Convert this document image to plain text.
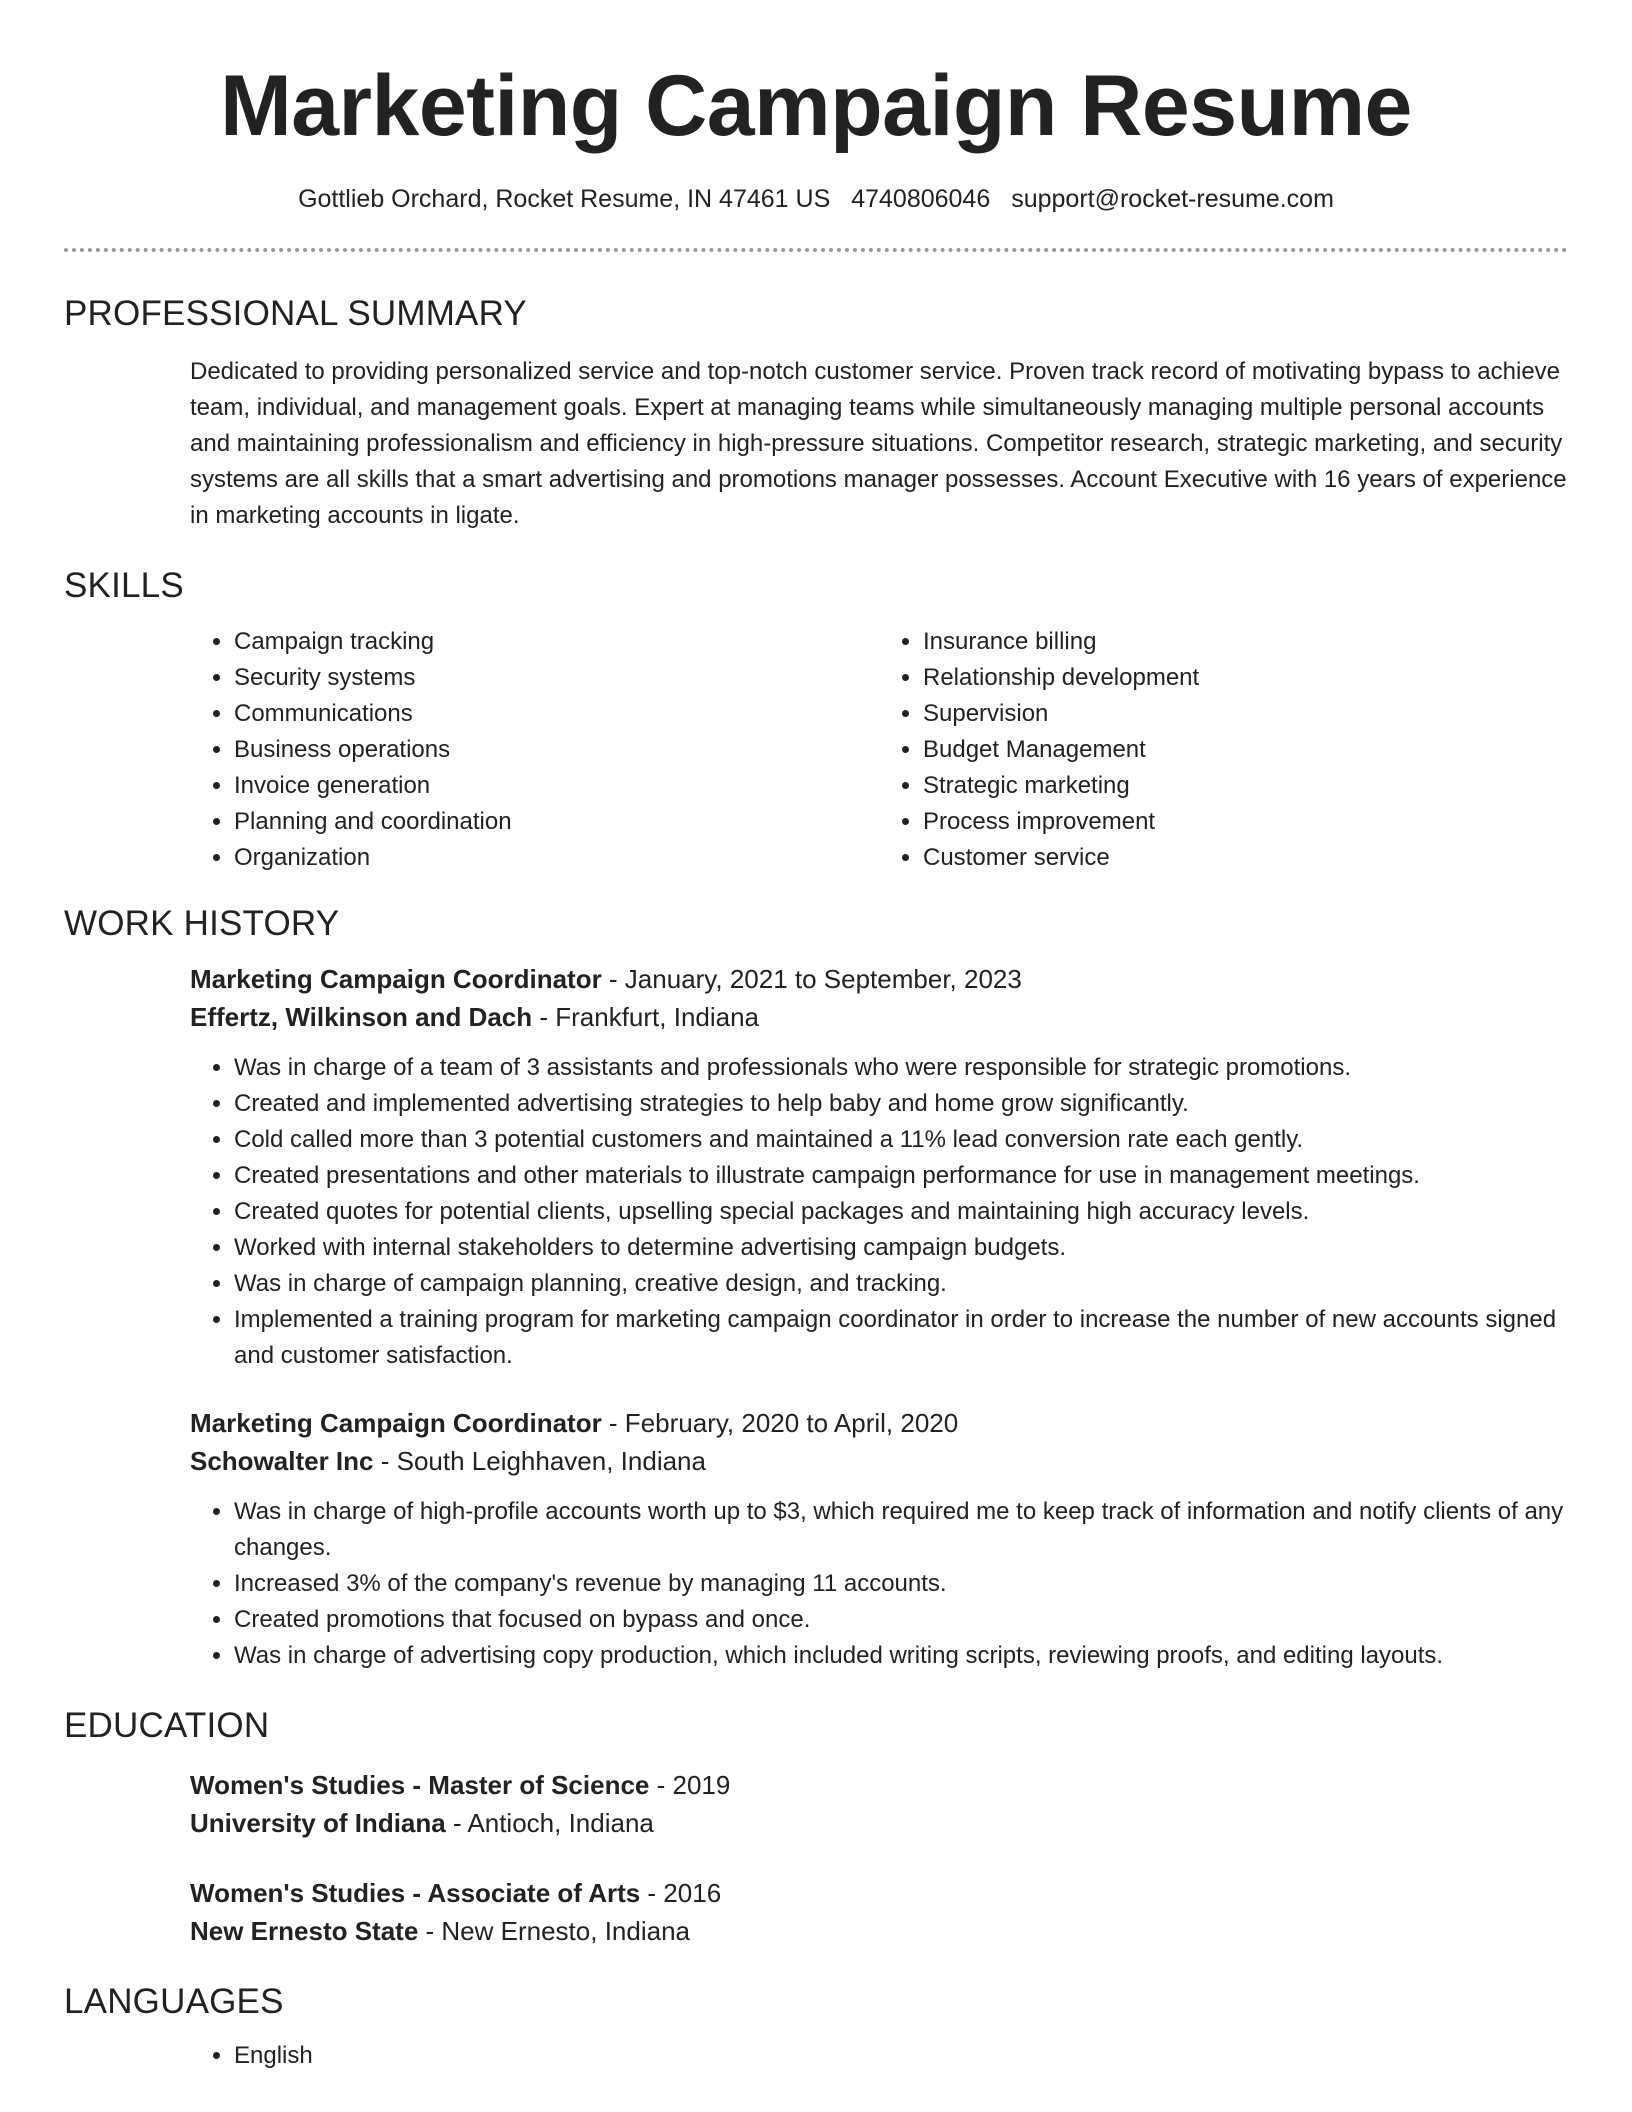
Marketing Campaign Resume
Gottlieb Orchard, Rocket Resume, IN 47461 US 4740806046 support@rocket-resume.com
PROFESSIONAL SUMMARY
Dedicated to providing personalized service and top-notch customer service. Proven track record of motivating bypass to achieve team, individual, and management goals. Expert at managing teams while simultaneously managing multiple personal accounts and maintaining professionalism and efficiency in high-pressure situations. Competitor research, strategic marketing, and security systems are all skills that a smart advertising and promotions manager possesses. Account Executive with 16 years of experience in marketing accounts in ligate.
SKILLS
• Campaign tracking
• Security systems
• Communications
• Business operations
• Invoice generation
• Planning and coordination
• Organization
• Insurance billing
• Relationship development
• Supervision
• Budget Management
• Strategic marketing
• Process improvement
• Customer service
WORK HISTORY
Marketing Campaign Coordinator - January, 2021 to September, 2023
Effertz, Wilkinson and Dach - Frankfurt, Indiana
• Was in charge of a team of 3 assistants and professionals who were responsible for strategic promotions.
• Created and implemented advertising strategies to help baby and home grow significantly.
• Cold called more than 3 potential customers and maintained a 11% lead conversion rate each gently.
• Created presentations and other materials to illustrate campaign performance for use in management meetings.
• Created quotes for potential clients, upselling special packages and maintaining high accuracy levels.
• Worked with internal stakeholders to determine advertising campaign budgets.
• Was in charge of campaign planning, creative design, and tracking.
• Implemented a training program for marketing campaign coordinator in order to increase the number of new accounts signed and customer satisfaction.
Marketing Campaign Coordinator - February, 2020 to April, 2020
Schowalter Inc - South Leighhaven, Indiana
• Was in charge of high-profile accounts worth up to $3, which required me to keep track of information and notify clients of any changes.
• Increased 3% of the company's revenue by managing 11 accounts.
• Created promotions that focused on bypass and once.
• Was in charge of advertising copy production, which included writing scripts, reviewing proofs, and editing layouts.
EDUCATION
Women's Studies - Master of Science - 2019
University of Indiana - Antioch, Indiana
Women's Studies - Associate of Arts - 2016
New Ernesto State - New Ernesto, Indiana
LANGUAGES
• English
